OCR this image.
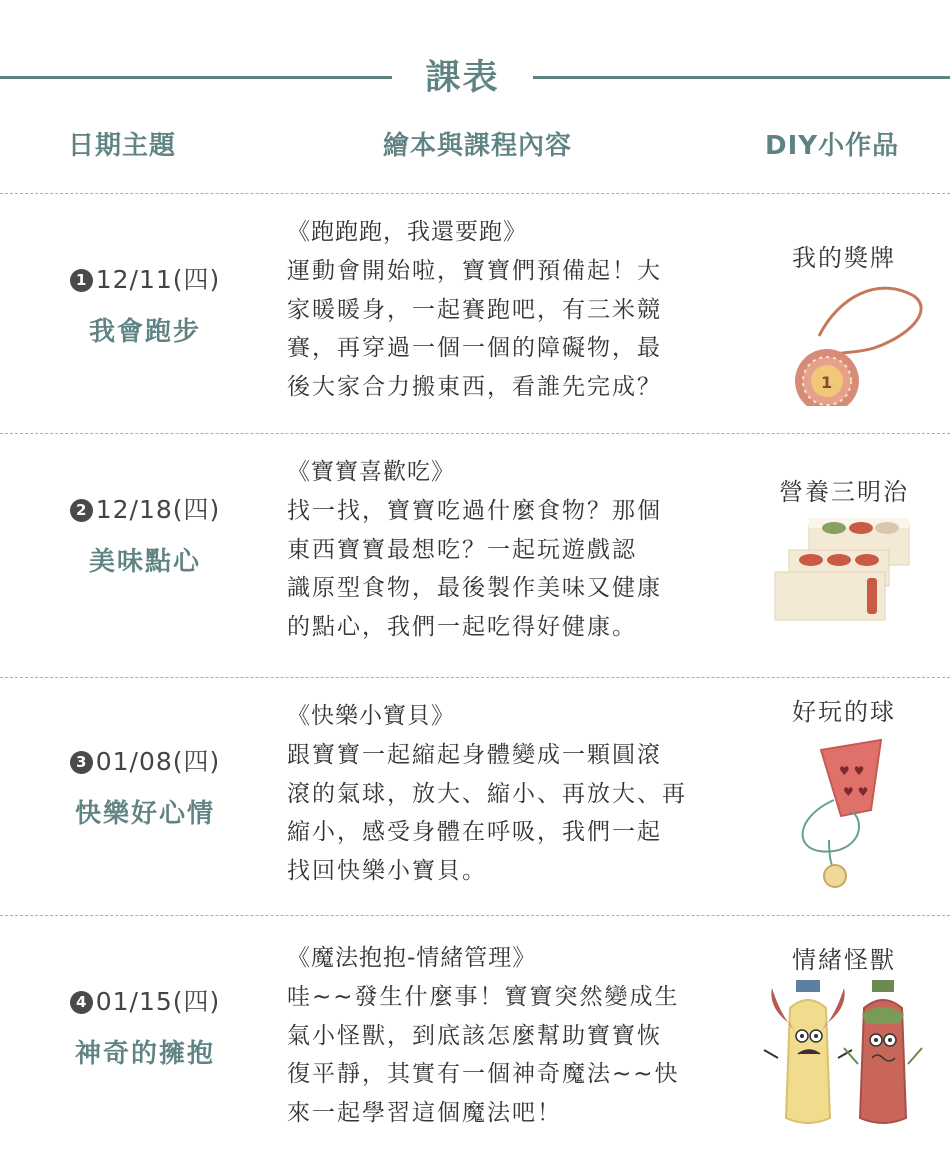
課表
日期主題	繪本與課程內容	DIY小作品
1 12/11(四)
我會跑步
《跑跑跑，我還要跑》
運動會開始啦，寶寶們預備起！大
家暖暖身，一起賽跑吧，有三米競
賽，再穿過一個一個的障礙物，最
後大家合力搬東西，看誰先完成？
我的獎牌
1
2 12/18(四)
美味點心
《寶寶喜歡吃》
找一找，寶寶吃過什麼食物？那個
東西寶寶最想吃？一起玩遊戲認
識原型食物，最後製作美味又健康
的點心，我們一起吃得好健康。
營養三明治
3 01/08(四)
快樂好心情
《快樂小寶貝》
跟寶寶一起縮起身體變成一顆圓滾
滾的氣球，放大、縮小、再放大、再
縮小，感受身體在呼吸，我們一起
找回快樂小寶貝。
好玩的球
♥ ♥
♥ ♥
4 01/15(四)
神奇的擁抱
《魔法抱抱-情緒管理》
哇~~發生什麼事！寶寶突然變成生
氣小怪獸，到底該怎麼幫助寶寶恢
復平靜，其實有一個神奇魔法~~快
來一起學習這個魔法吧！
情緒怪獸
